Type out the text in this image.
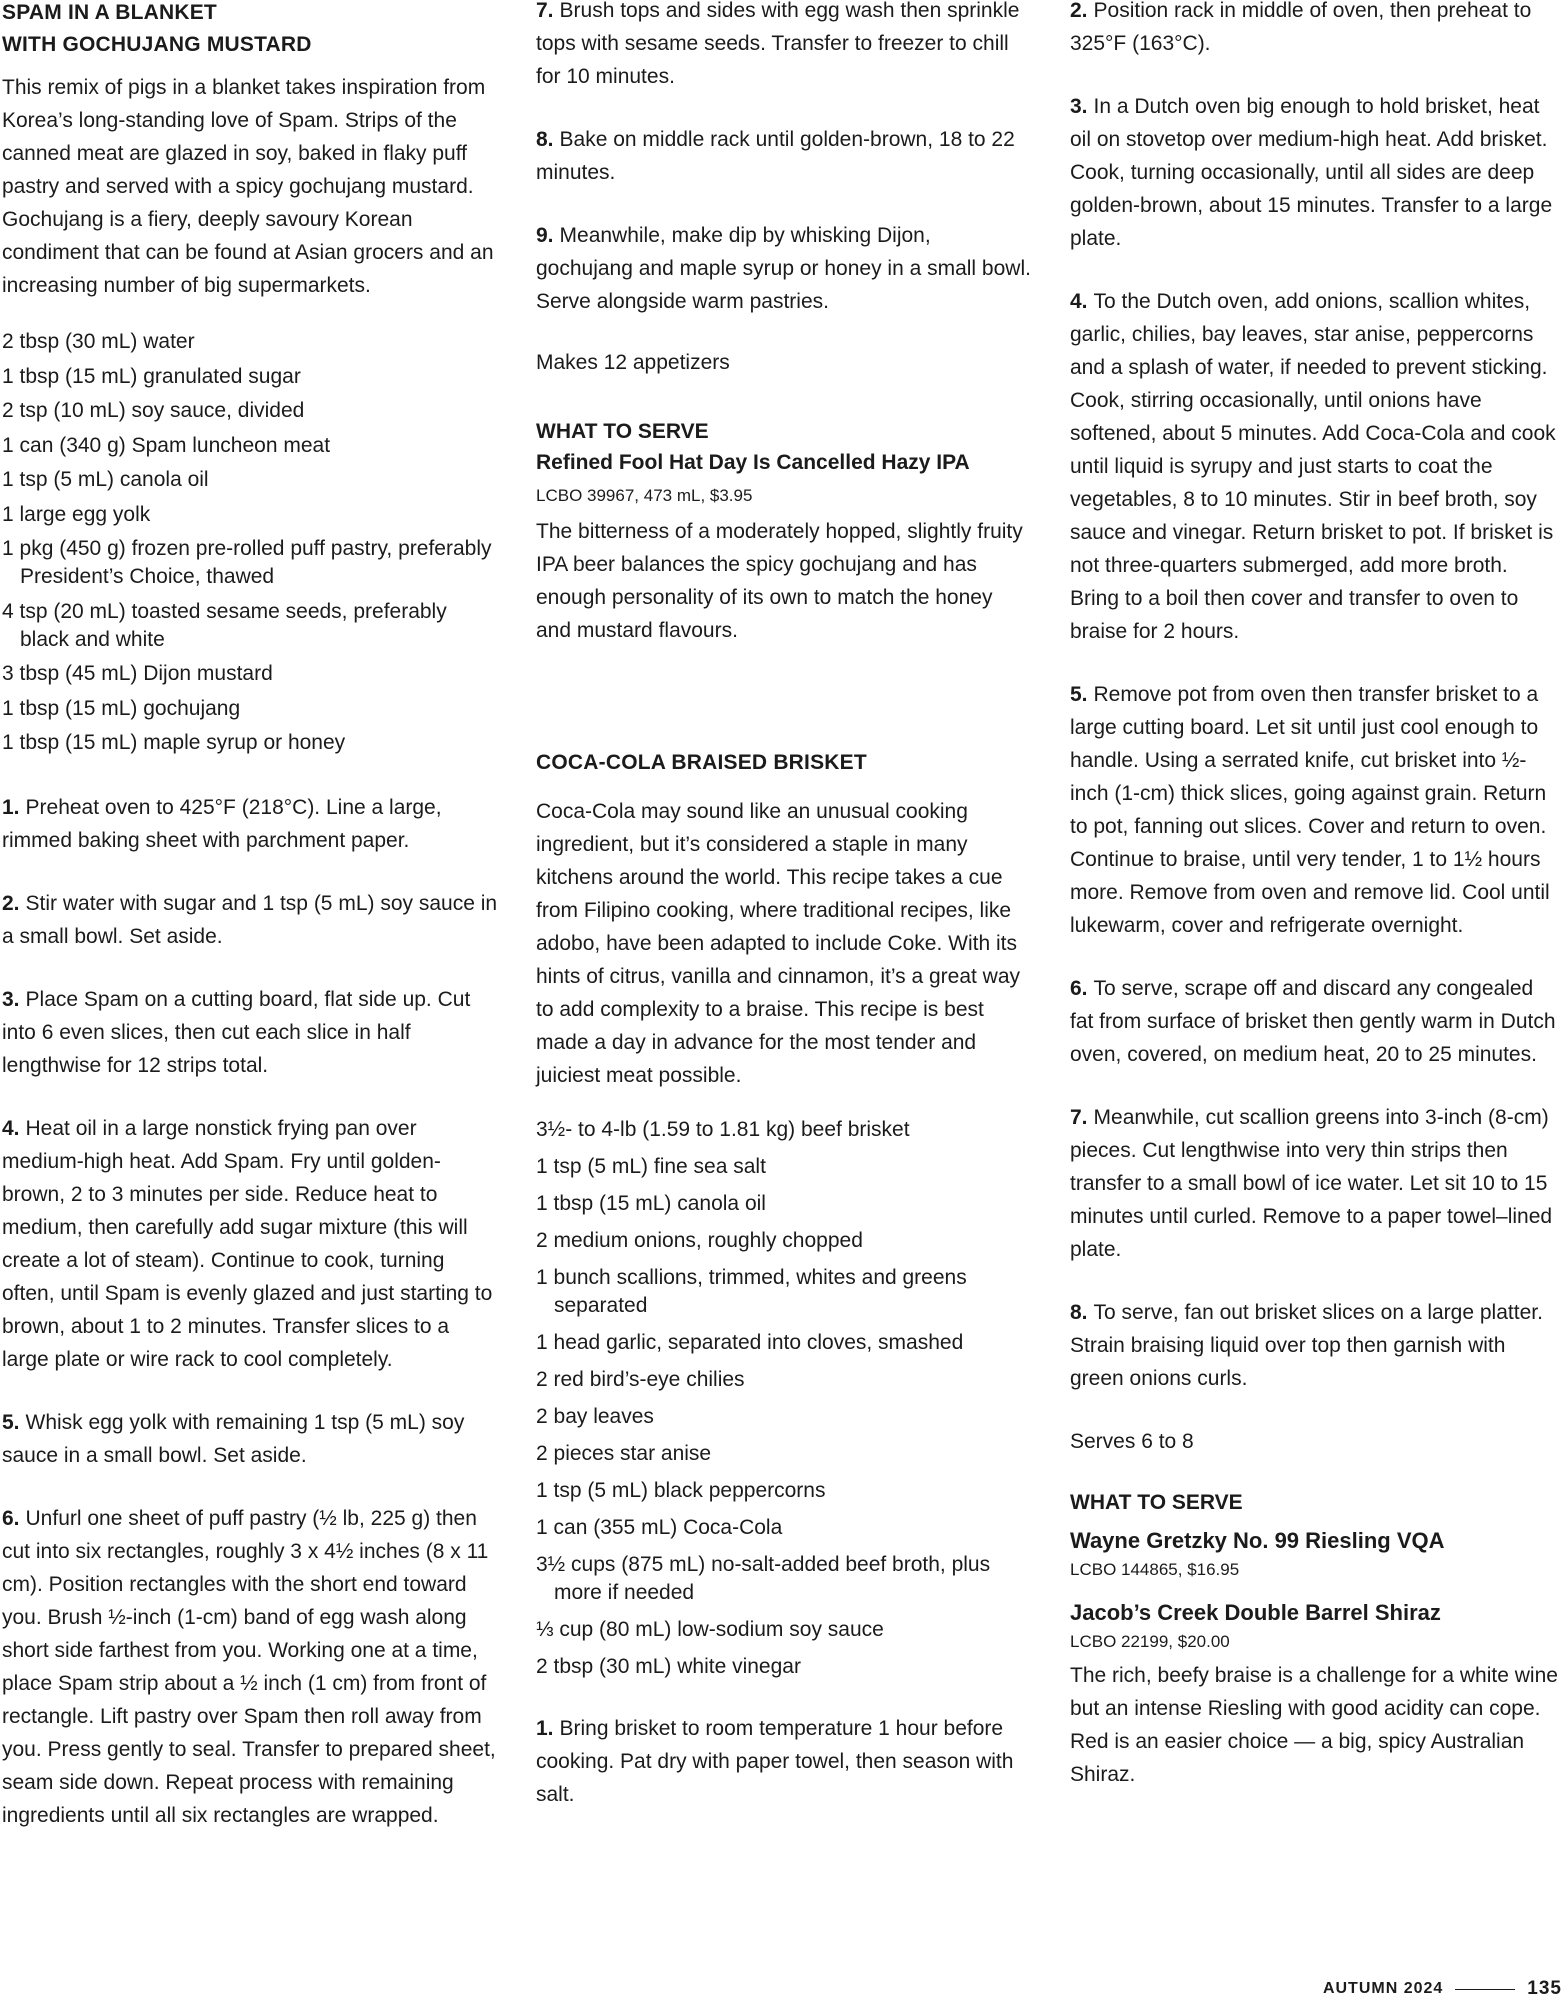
SPAM IN A BLANKET
WITH GOCHUJANG MUSTARD

This remix of pigs in a blanket takes inspiration from Korea’s long-standing love of Spam. Strips of the canned meat are glazed in soy, baked in flaky puff pastry and served with a spicy gochujang mustard. Gochujang is a fiery, deeply savoury Korean condiment that can be found at Asian grocers and an increasing number of big supermarkets.

2 tbsp (30 mL) water
1 tbsp (15 mL) granulated sugar
2 tsp (10 mL) soy sauce, divided
1 can (340 g) Spam luncheon meat
1 tsp (5 mL) canola oil
1 large egg yolk
1 pkg (450 g) frozen pre-rolled puff pastry, preferably President’s Choice, thawed
4 tsp (20 mL) toasted sesame seeds, preferably black and white
3 tbsp (45 mL) Dijon mustard
1 tbsp (15 mL) gochujang
1 tbsp (15 mL) maple syrup or honey

1. Preheat oven to 425°F (218°C). Line a large, rimmed baking sheet with parchment paper.

2. Stir water with sugar and 1 tsp (5 mL) soy sauce in a small bowl. Set aside.

3. Place Spam on a cutting board, flat side up. Cut into 6 even slices, then cut each slice in half lengthwise for 12 strips total.

4. Heat oil in a large nonstick frying pan over medium-high heat. Add Spam. Fry until golden-brown, 2 to 3 minutes per side. Reduce heat to medium, then carefully add sugar mixture (this will create a lot of steam). Continue to cook, turning often, until Spam is evenly glazed and just starting to brown, about 1 to 2 minutes. Transfer slices to a large plate or wire rack to cool completely.

5. Whisk egg yolk with remaining 1 tsp (5 mL) soy sauce in a small bowl. Set aside.

6. Unfurl one sheet of puff pastry (½ lb, 225 g) then cut into six rectangles, roughly 3 x 4½ inches (8 x 11 cm). Position rectangles with the short end toward you. Brush ½-inch (1-cm) band of egg wash along short side farthest from you. Working one at a time, place Spam strip about a ½ inch (1 cm) from front of rectangle. Lift pastry over Spam then roll away from you. Press gently to seal. Transfer to prepared sheet, seam side down. Repeat process with remaining ingredients until all six rectangles are wrapped.

7. Brush tops and sides with egg wash then sprinkle tops with sesame seeds. Transfer to freezer to chill for 10 minutes.

8. Bake on middle rack until golden-brown, 18 to 22 minutes.

9. Meanwhile, make dip by whisking Dijon, gochujang and maple syrup or honey in a small bowl. Serve alongside warm pastries.

Makes 12 appetizers

WHAT TO SERVE

Refined Fool Hat Day Is Cancelled Hazy IPA

LCBO 39967, 473 mL, $3.95

The bitterness of a moderately hopped, slightly fruity IPA beer balances the spicy gochujang and has enough personality of its own to match the honey and mustard flavours.

COCA-COLA BRAISED BRISKET

Coca-Cola may sound like an unusual cooking ingredient, but it’s considered a staple in many kitchens around the world. This recipe takes a cue from Filipino cooking, where traditional recipes, like adobo, have been adapted to include Coke. With its hints of citrus, vanilla and cinnamon, it’s a great way to add complexity to a braise. This recipe is best made a day in advance for the most tender and juiciest meat possible.

3½- to 4-lb (1.59 to 1.81 kg) beef brisket
1 tsp (5 mL) fine sea salt
1 tbsp (15 mL) canola oil
2 medium onions, roughly chopped
1 bunch scallions, trimmed, whites and greens separated
1 head garlic, separated into cloves, smashed
2 red bird’s-eye chilies
2 bay leaves
2 pieces star anise
1 tsp (5 mL) black peppercorns
1 can (355 mL) Coca-Cola
3½ cups (875 mL) no-salt-added beef broth, plus more if needed
⅓ cup (80 mL) low-sodium soy sauce
2 tbsp (30 mL) white vinegar

1. Bring brisket to room temperature 1 hour before cooking. Pat dry with paper towel, then season with salt.

2. Position rack in middle of oven, then preheat to 325°F (163°C).

3. In a Dutch oven big enough to hold brisket, heat oil on stovetop over medium-high heat. Add brisket. Cook, turning occasionally, until all sides are deep golden-brown, about 15 minutes. Transfer to a large plate.

4. To the Dutch oven, add onions, scallion whites, garlic, chilies, bay leaves, star anise, peppercorns and a splash of water, if needed to prevent sticking. Cook, stirring occasionally, until onions have softened, about 5 minutes. Add Coca-Cola and cook until liquid is syrupy and just starts to coat the vegetables, 8 to 10 minutes. Stir in beef broth, soy sauce and vinegar. Return brisket to pot. If brisket is not three-quarters submerged, add more broth. Bring to a boil then cover and transfer to oven to braise for 2 hours.

5. Remove pot from oven then transfer brisket to a large cutting board. Let sit until just cool enough to handle. Using a serrated knife, cut brisket into ½-inch (1-cm) thick slices, going against grain. Return to pot, fanning out slices. Cover and return to oven. Continue to braise, until very tender, 1 to 1½ hours more. Remove from oven and remove lid. Cool until lukewarm, cover and refrigerate overnight.

6. To serve, scrape off and discard any congealed fat from surface of brisket then gently warm in Dutch oven, covered, on medium heat, 20 to 25 minutes.

7. Meanwhile, cut scallion greens into 3-inch (8-cm) pieces. Cut lengthwise into very thin strips then transfer to a small bowl of ice water. Let sit 10 to 15 minutes until curled. Remove to a paper towel–lined plate.

8. To serve, fan out brisket slices on a large platter. Strain braising liquid over top then garnish with green onions curls.

Serves 6 to 8

WHAT TO SERVE

Wayne Gretzky No. 99 Riesling VQA

LCBO 144865, $16.95

Jacob’s Creek Double Barrel Shiraz

LCBO 22199, $20.00

The rich, beefy braise is a challenge for a white wine but an intense Riesling with good acidity can cope. Red is an easier choice — a big, spicy Australian Shiraz.

AUTUMN 2024	135
